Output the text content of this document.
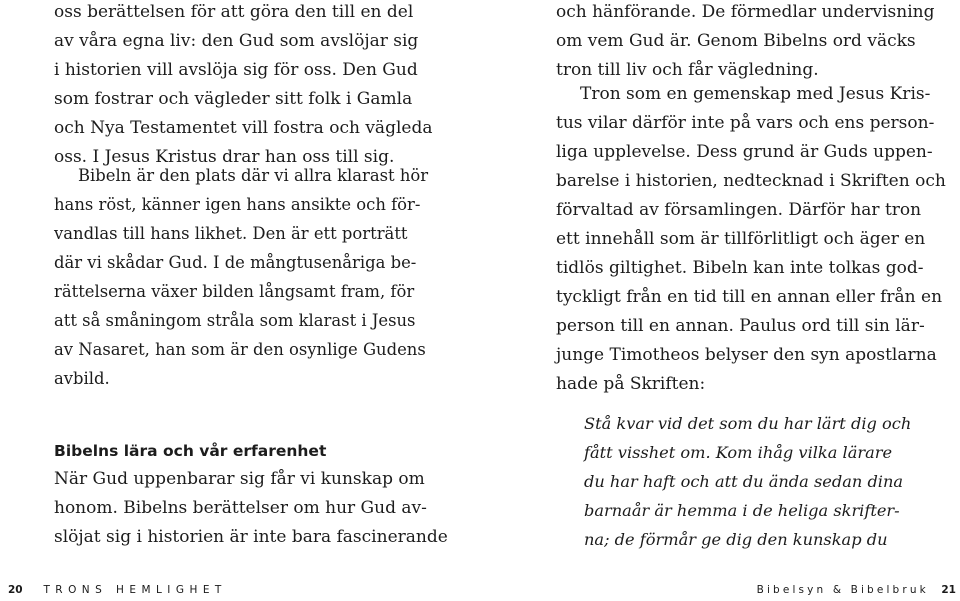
oss berättelsen för att göra den till en del
av våra egna liv: den Gud som avslöjar sig
i historien vill avslöja sig för oss. Den Gud
som fostrar och vägleder sitt folk i Gamla
och Nya Testamentet vill fostra och vägleda
oss. I Jesus Kristus drar han oss till sig.
Bibeln är den plats där vi allra klarast hör
hans röst, känner igen hans ansikte och för-
vandlas till hans likhet. Den är ett porträtt
där vi skådar Gud. I de mångtusenåriga be-
rättelserna växer bilden långsamt fram, för
att så småningom stråla som klarast i Jesus
av Nasaret, han som är den osynlige Gudens
avbild.
Bibelns lära och vår erfarenhet
När Gud uppenbarar sig får vi kunskap om
honom. Bibelns berättelser om hur Gud av-
slöjat sig i historien är inte bara fascinerande
20 TRONS HEMLIGHET
och hänförande. De förmedlar undervisning
om vem Gud är. Genom Bibelns ord väcks
tron till liv och får vägledning.
Tron som en gemenskap med Jesus Kris-
tus vilar därför inte på vars och ens person-
liga upplevelse. Dess grund är Guds uppen-
barelse i historien, nedtecknad i Skriften och
förvaltad av församlingen. Därför har tron
ett innehåll som är tillförlitligt och äger en
tidlös giltighet. Bibeln kan inte tolkas god-
tyckligt från en tid till en annan eller från en
person till en annan. Paulus ord till sin lär-
junge Timotheos belyser den syn apostlarna
hade på Skriften:
Stå kvar vid det som du har lärt dig och
fått visshet om. Kom ihåg vilka lärare
du har haft och att du ända sedan dina
barnaår är hemma i de heliga skrifter-
na; de förmår ge dig den kunskap du
Bibelsyn & Bibelbruk 21
